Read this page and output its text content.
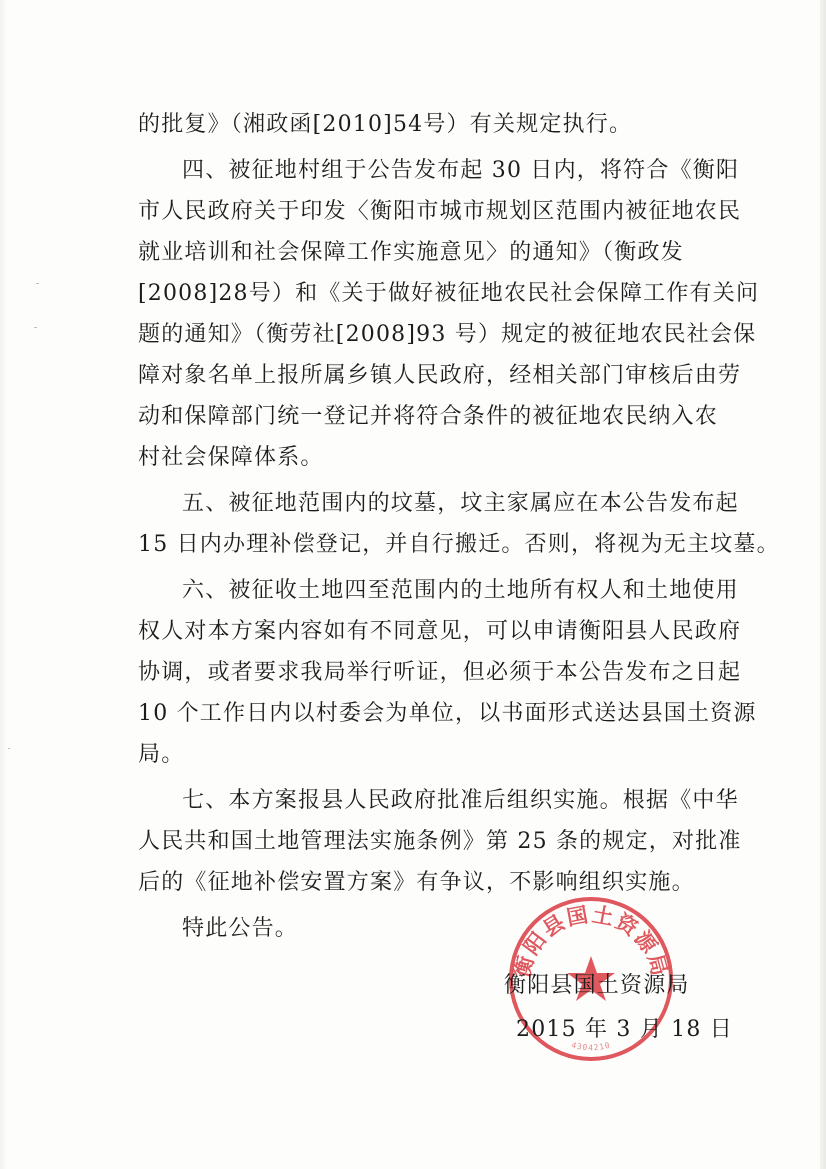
的批复》（湘政函[2010]54号）有关规定执行。
四、被征地村组于公告发布起 30 日内，将符合《衡阳
市人民政府关于印发〈衡阳市城市规划区范围内被征地农民
就业培训和社会保障工作实施意见〉的通知》（衡政发
[2008]28号）和《关于做好被征地农民社会保障工作有关问
题的通知》（衡劳社[2008]93 号）规定的被征地农民社会保
障对象名单上报所属乡镇人民政府，经相关部门审核后由劳
动和保障部门统一登记并将符合条件的被征地农民纳入农
村社会保障体系。
五、被征地范围内的坟墓，坟主家属应在本公告发布起
15 日内办理补偿登记，并自行搬迁。否则，将视为无主坟墓。
六、被征收土地四至范围内的土地所有权人和土地使用
权人对本方案内容如有不同意见，可以申请衡阳县人民政府
协调，或者要求我局举行听证，但必须于本公告发布之日起
10 个工作日内以村委会为单位，以书面形式送达县国土资源
局。
七、本方案报县人民政府批准后组织实施。根据《中华
人民共和国土地管理法实施条例》第 25 条的规定，对批准
后的《征地补偿安置方案》有争议，不影响组织实施。
特此公告。
衡阳县国土资源局
4304210
衡阳县国土资源局
2015 年 3 月 18 日
